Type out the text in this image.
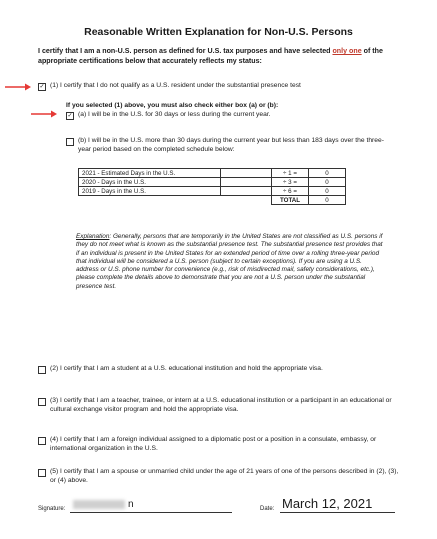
Reasonable Written Explanation for Non-U.S. Persons
I certify that I am a non-U.S. person as defined for U.S. tax purposes and have selected only one of the appropriate certifications below that accurately reflects my status:
✓ (1) I certify that I do not qualify as a U.S. resident under the substantial presence test
If you selected (1) above, you must also check either box (a) or (b):
✓ (a) I will be in the U.S. for 30 days or less during the current year.
(b) I will be in the U.S. more than 30 days during the current year but less than 183 days over the three-year period based on the completed schedule below:
2021 - Estimated Days in the U.S.		÷ 1 =	0
2020 - Days in the U.S.		÷ 3 =	0
2019 - Days in the U.S.		÷ 6 =	0
		TOTAL	0
Explanation: Generally, persons that are temporarily in the United States are not classified as U.S. persons if they do not meet what is known as the substantial presence test. The substantial presence test provides that if an individual is present in the United States for an extended period of time over a rolling three-year period that individual will be considered a U.S. person (subject to certain exceptions). If you are using a U.S. address or U.S. phone number for convenience (e.g., risk of misdirected mail, safety considerations, etc.), please complete the details above to demonstrate that you are not a U.S. person under the substantial presence test.
(2) I certify that I am a student at a U.S. educational institution and hold the appropriate visa.
(3) I certify that I am a teacher, trainee, or intern at a U.S. educational institution or a participant in an educational or cultural exchange visitor program and hold the appropriate visa.
(4) I certify that I am a foreign individual assigned to a diplomatic post or a position in a consulate, embassy, or international organization in the U.S.
(5) I certify that I am a spouse or unmarried child under the age of 21 years of one of the persons described in (2), (3), or (4) above.
Signature:	n	Date: March 12, 2021
